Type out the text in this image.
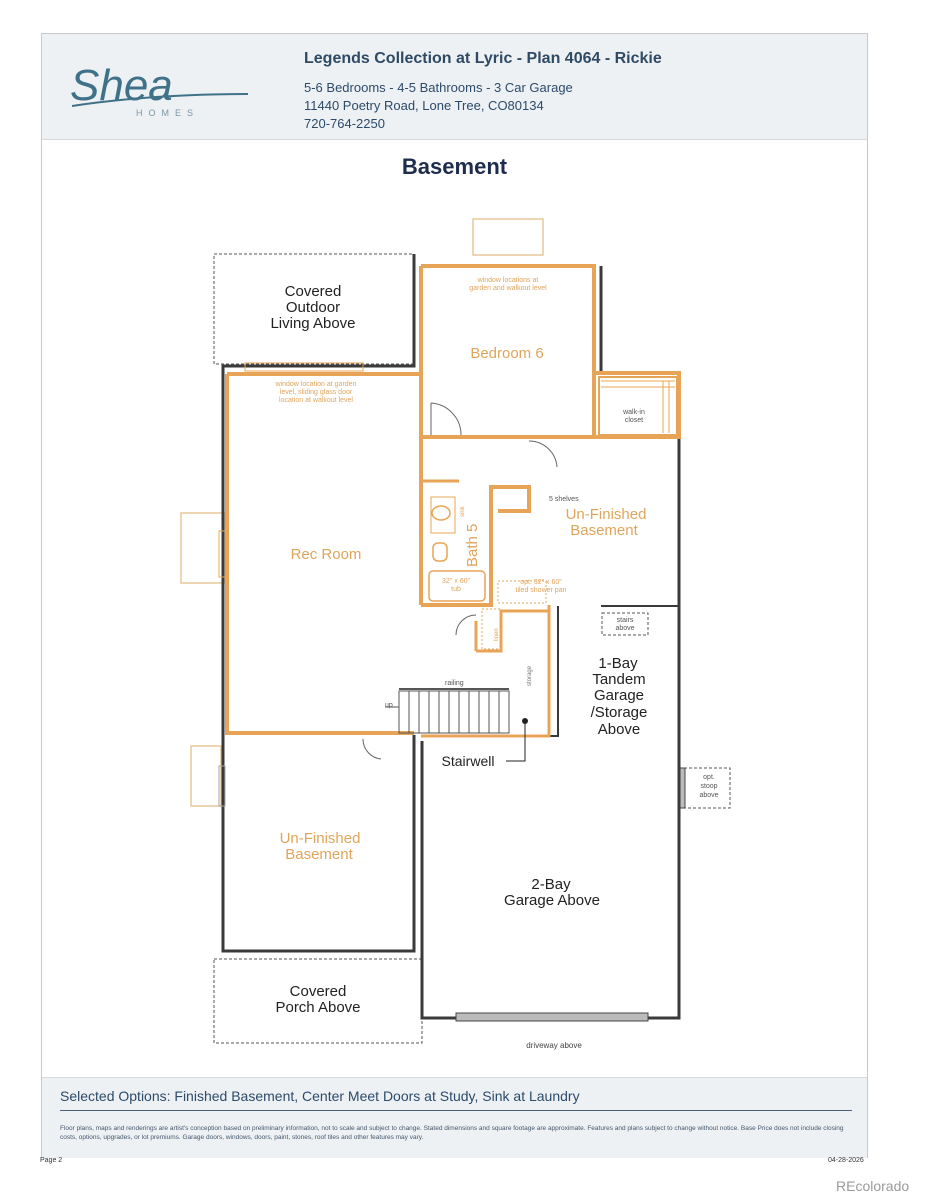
Shea
HOMES
Legends Collection at Lyric - Plan 4064 - Rickie
5-6 Bedrooms - 4-5 Bathrooms - 3 Car Garage
11440 Poetry Road, Lone Tree, CO80134
720-764-2250
Basement
Covered
Outdoor
Living Above
window locations at
garden and walkout level
Bedroom 6
walk-in
closet
window location at garden
level, sliding glass door
location at walkout level
Rec Room
5 shelves
Un-Finished
Basement
opt. 32" x 60"
tiled shower pan
Bath 5
sink
32" x 60"
tub
linen
storage
railing
up
stairs
above
1-Bay
Tandem
Garage
/Storage
Above
Stairwell
opt.
stoop
above
Un-Finished
Basement
2-Bay
Garage Above
Covered
Porch Above
driveway above
Selected Options: Finished Basement, Center Meet Doors at Study, Sink at Laundry
Floor plans, maps and renderings are artist's conception based on preliminary information, not to scale and subject to change. Stated dimensions and square footage are approximate. Features and plans subject to change without notice. Base Price does not include closing costs, options, upgrades, or lot premiums. Garage doors, windows, doors, paint, stones, roof tiles and other features may vary.
Page 2	04-28-2026
REcolorado
